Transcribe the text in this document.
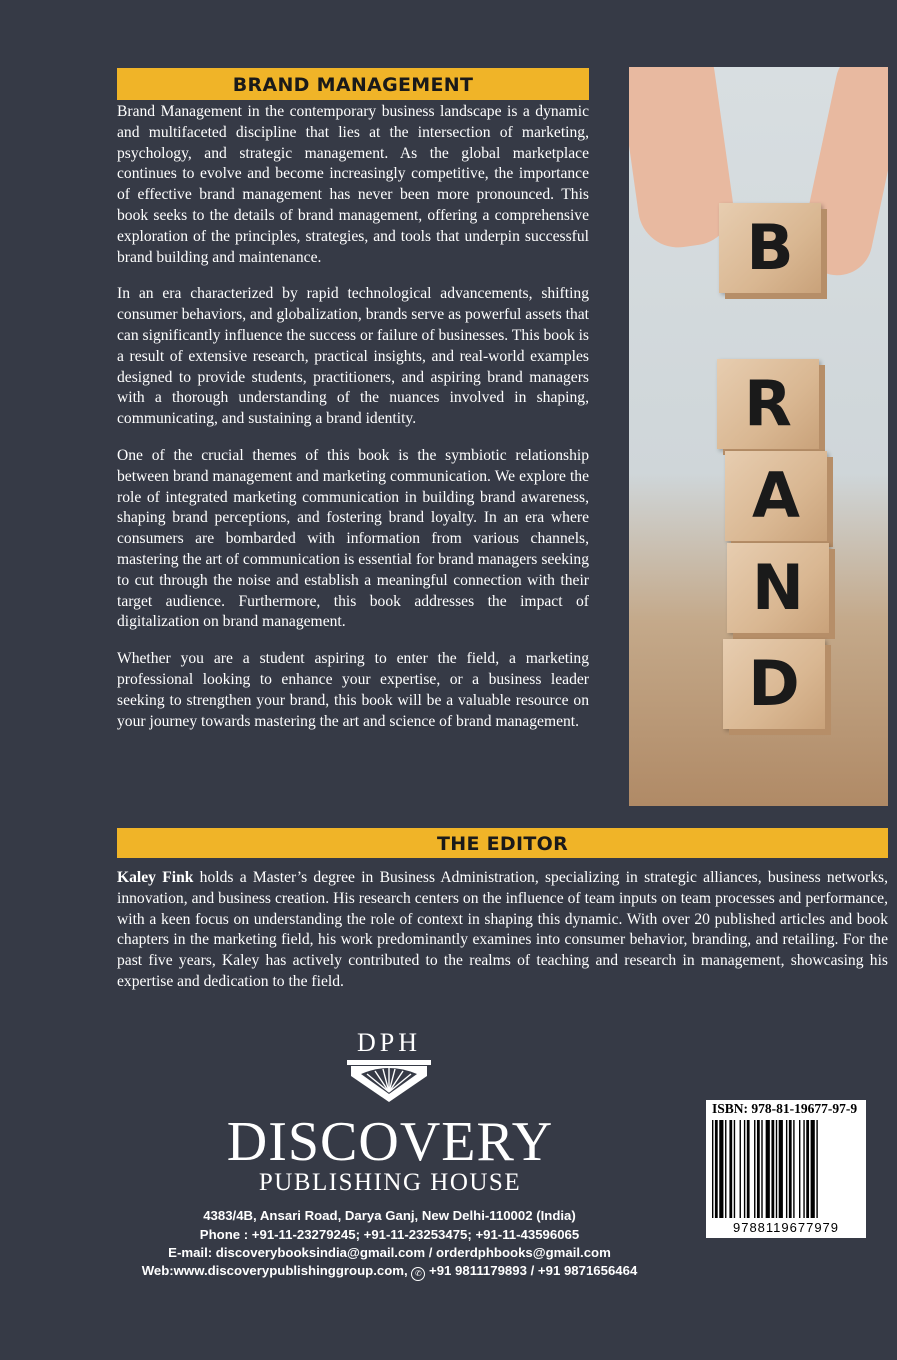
BRAND MANAGEMENT

Brand Management in the contemporary business landscape is a dynamic and multifaceted discipline that lies at the intersection of marketing, psychology, and strategic management. As the global marketplace continues to evolve and become increasingly competitive, the importance of effective brand management has never been more pronounced. This book seeks to the details of brand management, offering a comprehensive exploration of the principles, strategies, and tools that underpin successful brand building and maintenance.

In an era characterized by rapid technological advancements, shifting consumer behaviors, and globalization, brands serve as powerful assets that can significantly influence the success or failure of businesses. This book is a result of extensive research, practical insights, and real-world examples designed to provide students, practitioners, and aspiring brand managers with a thorough understanding of the nuances involved in shaping, communicating, and sustaining a brand identity.

One of the crucial themes of this book is the symbiotic relationship between brand management and marketing communication. We explore the role of integrated marketing communication in building brand awareness, shaping brand perceptions, and fostering brand loyalty. In an era where consumers are bombarded with information from various channels, mastering the art of communication is essential for brand managers seeking to cut through the noise and establish a meaningful connection with their target audience. Furthermore, this book addresses the impact of digitalization on brand management.

Whether you are a student aspiring to enter the field, a marketing professional looking to enhance your expertise, or a business leader seeking to strengthen your brand, this book will be a valuable resource on your journey towards mastering the art and science of brand management.

B
R
A
N
D
THE EDITOR
Kaley Fink holds a Master’s degree in Business Administration, specializing in strategic alliances, business networks, innovation, and business creation. His research centers on the influence of team inputs on team processes and performance, with a keen focus on understanding the role of context in shaping this dynamic. With over 20 published articles and book chapters in the marketing field, his work predominantly examines into consumer behavior, branding, and retailing. For the past five years, Kaley has actively contributed to the realms of teaching and research in management, showcasing his expertise and dedication to the field.
DPH
DISCOVERY
PUBLISHING HOUSE
4383/4B, Ansari Road, Darya Ganj, New Delhi-110002 (India)
Phone : +91-11-23279245; +91-11-23253475; +91-11-43596065
E-mail: discoverybooksindia@gmail.com / orderdphbooks@gmail.com
Web:www.discoverypublishinggroup.com, ✆ +91 9811179893 / +91 9871656464
ISBN: 978-81-19677-97-9
9788119677979
